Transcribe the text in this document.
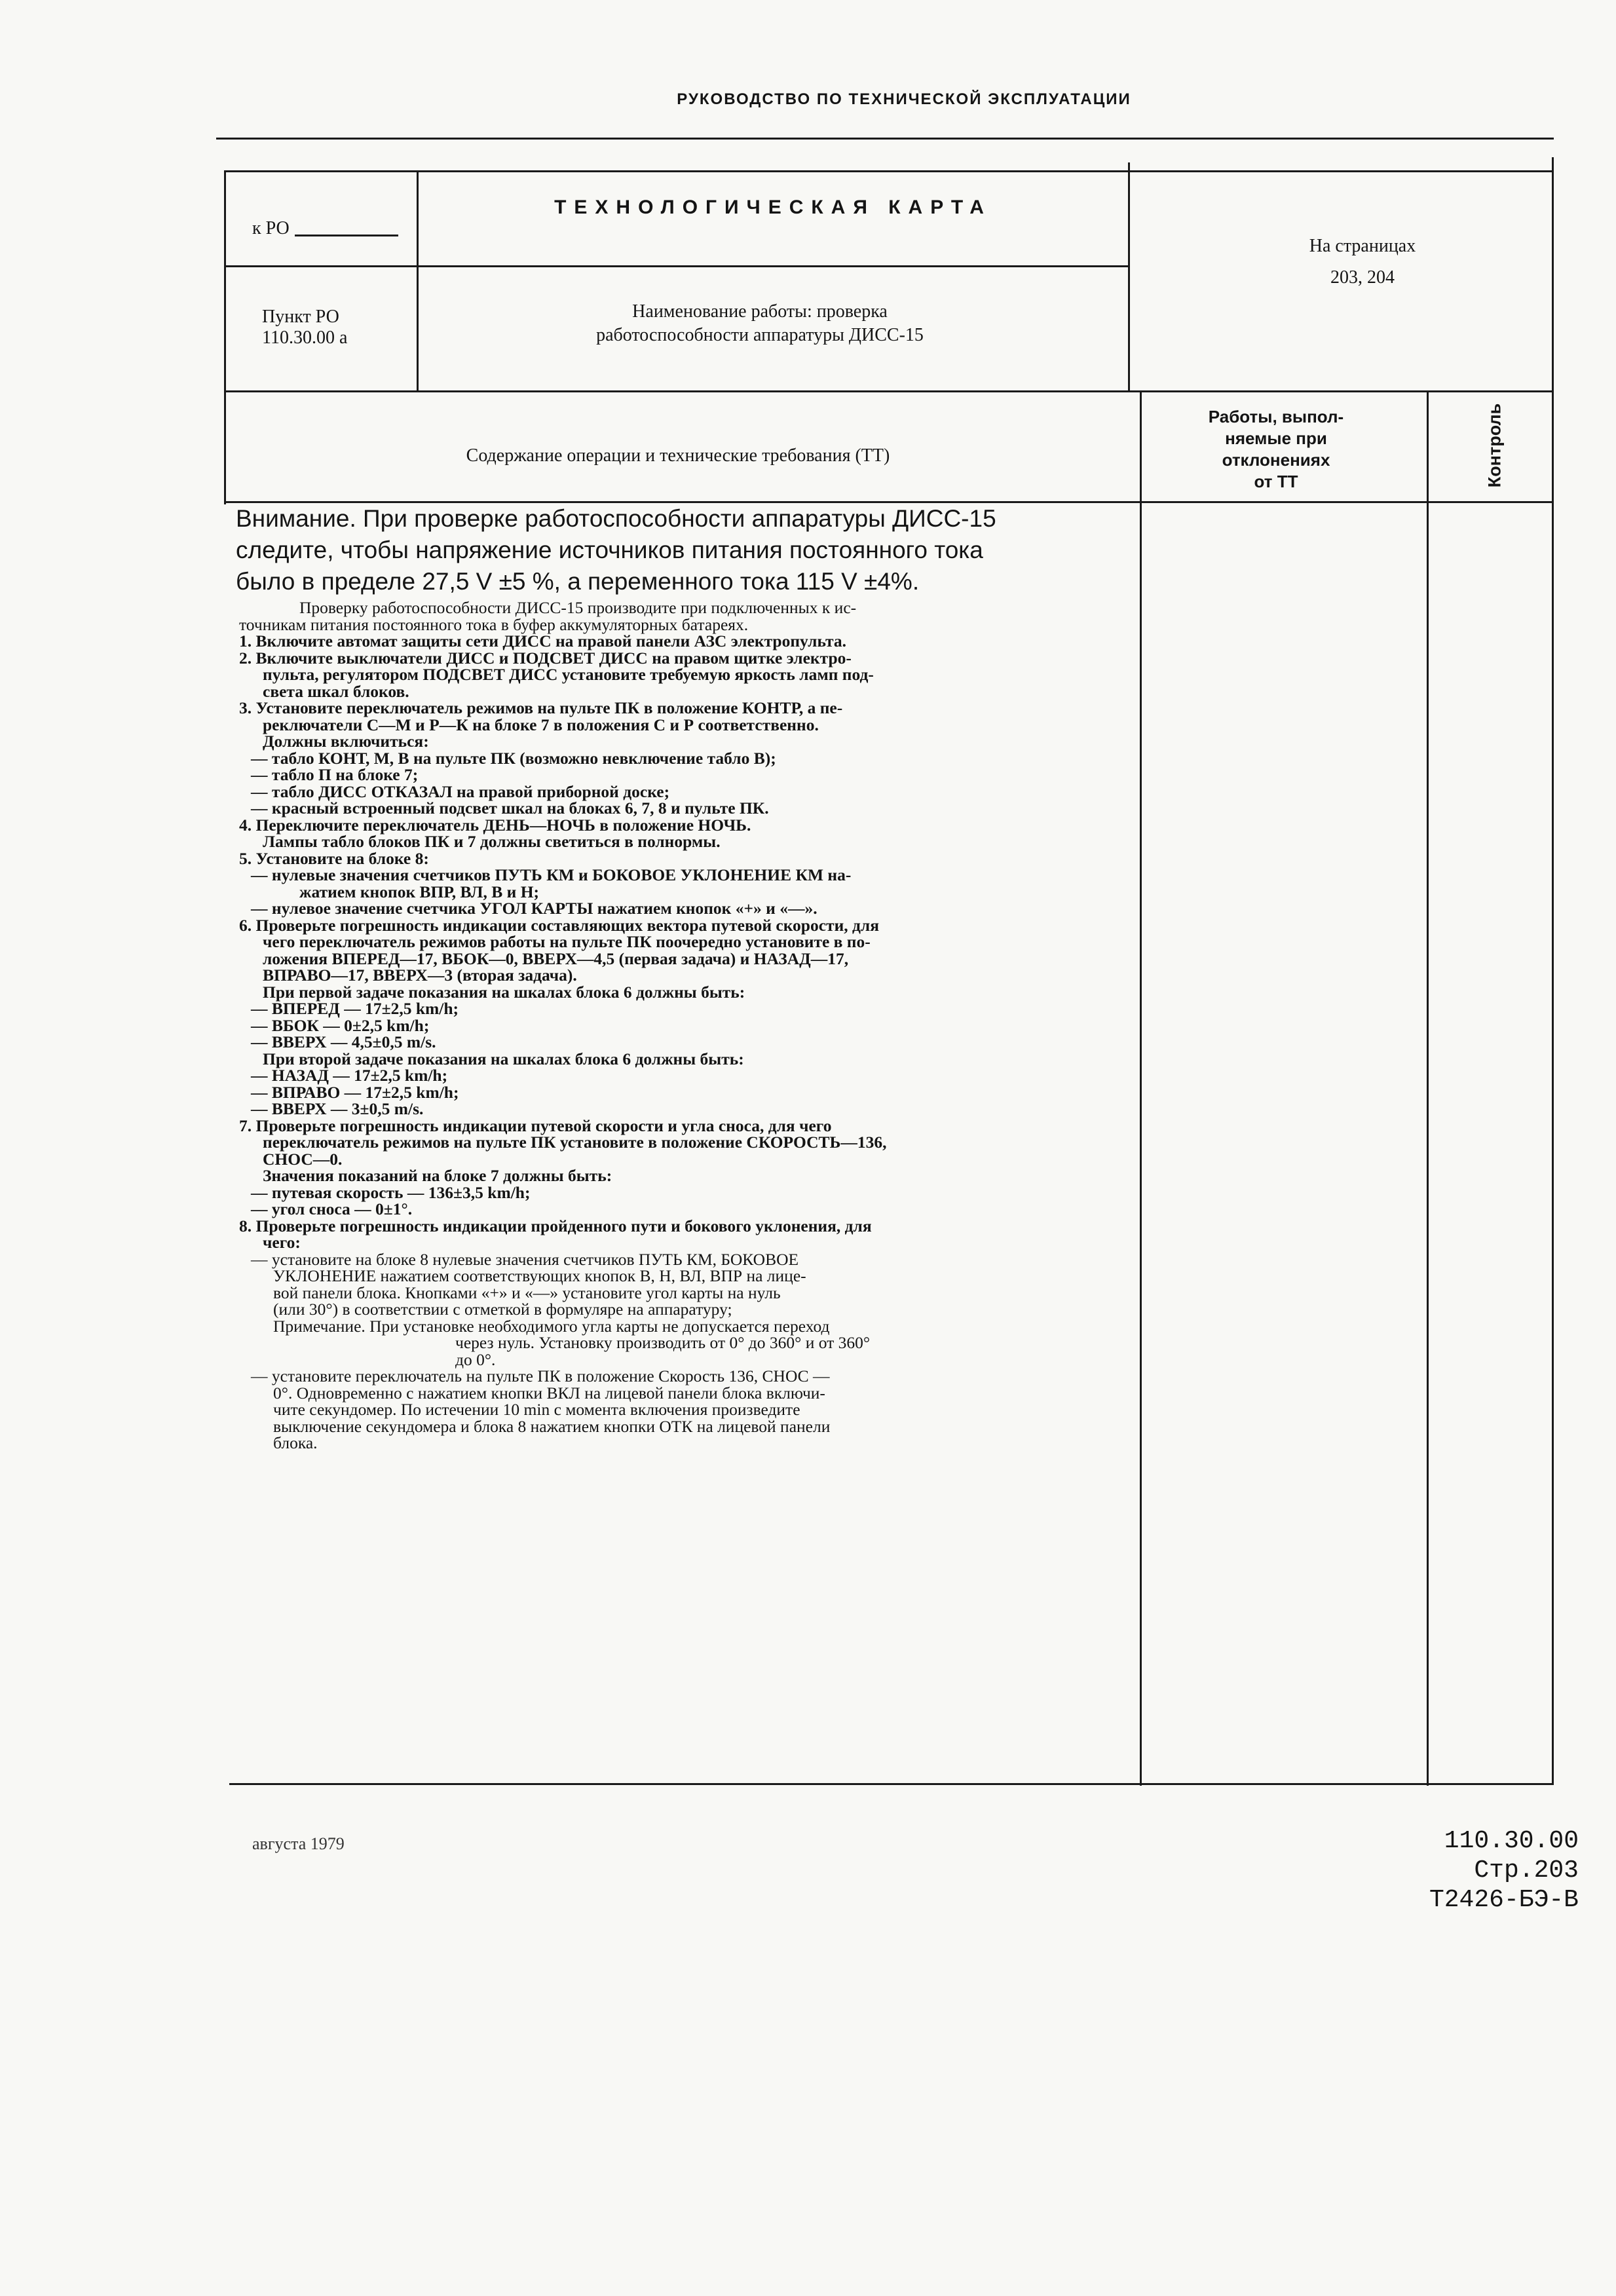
РУКОВОДСТВО ПО ТЕХНИЧЕСКОЙ ЭКСПЛУАТАЦИИ
ТЕХНОЛОГИЧЕСКАЯ КАРТА
к РО
На страницах
203, 204
Пункт РО
110.30.00 а
Наименование работы: проверка
работоспособности аппаратуры ДИСС-15
Содержание операции и технические требования (ТТ)
Работы, выпол-
няемые при
отклонениях
от ТТ	Контроль
Внимание. При проверке работоспособности аппаратуры ДИСС-15
следите, чтобы напряжение источников питания постоянного тока
было в пределе 27,5 V ±5 %, а переменного тока 115 V ±4%.
Проверку работоспособности ДИСС-15 производите при подключенных к ис-
точникам питания постоянного тока в буфер аккумуляторных батареях.
1. Включите автомат защиты сети ДИСС на правой панели АЗС электропульта.
2. Включите выключатели ДИСС и ПОДСВЕТ ДИСС на правом щитке электро-
пульта, регулятором ПОДСВЕТ ДИСС установите требуемую яркость ламп под-
света шкал блоков.
3. Установите переключатель режимов на пульте ПК в положение КОНТР, а пе-
реключатели С—М и Р—К на блоке 7 в положения С и Р соответственно.
Должны включиться:
— табло КОНТ, М, В на пульте ПК (возможно невключение табло В);
— табло П на блоке 7;
— табло ДИСС ОТКАЗАЛ на правой приборной доске;
— красный встроенный подсвет шкал на блоках 6, 7, 8 и пульте ПК.
4. Переключите переключатель ДЕНЬ—НОЧЬ в положение НОЧЬ.
Лампы табло блоков ПК и 7 должны светиться в полнормы.
5. Установите на блоке 8:
— нулевые значения счетчиков ПУТЬ КМ и БОКОВОЕ УКЛОНЕНИЕ КМ на-
жатием кнопок ВПР, ВЛ, В и Н;
— нулевое значение счетчика УГОЛ КАРТЫ нажатием кнопок «+» и «—».
6. Проверьте погрешность индикации составляющих вектора путевой скорости, для
чего переключатель режимов работы на пульте ПК поочередно установите в по-
ложения ВПЕРЕД—17, ВБОК—0, ВВЕРХ—4,5 (первая задача) и НАЗАД—17,
ВПРАВО—17, ВВЕРХ—3 (вторая задача).
При первой задаче показания на шкалах блока 6 должны быть:
— ВПЕРЕД — 17±2,5 km/h;
— ВБОК — 0±2,5 km/h;
— ВВЕРХ — 4,5±0,5 m/s.
При второй задаче показания на шкалах блока 6 должны быть:
— НАЗАД — 17±2,5 km/h;
— ВПРАВО — 17±2,5 km/h;
— ВВЕРХ — 3±0,5 m/s.
7. Проверьте погрешность индикации путевой скорости и угла сноса, для чего
переключатель режимов на пульте ПК установите в положение СКОРОСТЬ—136,
СНОС—0.
Значения показаний на блоке 7 должны быть:
— путевая скорость — 136±3,5 km/h;
— угол сноса — 0±1°.
8. Проверьте погрешность индикации пройденного пути и бокового уклонения, для
чего:
— установите на блоке 8 нулевые значения счетчиков ПУТЬ КМ, БОКОВОЕ
УКЛОНЕНИЕ нажатием соответствующих кнопок В, Н, ВЛ, ВПР на лице-
вой панели блока. Кнопками «+» и «—» установите угол карты на нуль
(или 30°) в соответствии с отметкой в формуляре на аппаратуру;
Примечание. При установке необходимого угла карты не допускается переход
через нуль. Установку производить от 0° до 360° и от 360°
до 0°.
— установите переключатель на пульте ПК в положение Скорость 136, СНОС —
0°. Одновременно с нажатием кнопки ВКЛ на лицевой панели блока включи-
чите секундомер. По истечении 10 min с момента включения произведите
выключение секундомера и блока 8 нажатием кнопки ОТК на лицевой панели
блока.
августа 1979	110.30.00
Стр.203
Т2426-БЭ-В
